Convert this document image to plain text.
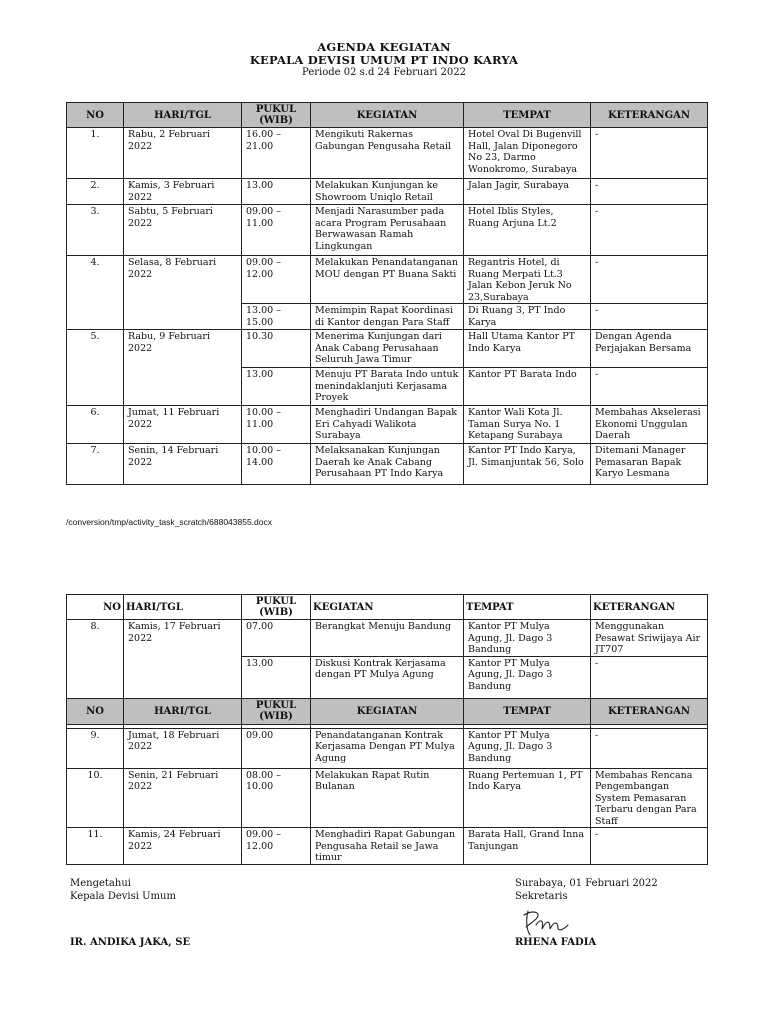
AGENDA KEGIATAN
KEPALA DEVISI UMUM PT INDO KARYA
Periode 02 s.d 24 Februari 2022
NO	HARI/TGL	PUKUL (WIB)	KEGIATAN	TEMPAT	KETERANGAN
1.	Rabu, 2 Februari 2022	16.00 – 21.00	Mengikuti Rakernas Gabungan Pengusaha Retail	Hotel Oval Di Bugenvill Hall, Jalan Diponegoro No 23, Darmo Wonokromo, Surabaya	-
2.	Kamis, 3 Februari 2022	13.00	Melakukan Kunjungan ke Showroom Uniqlo Retail	Jalan Jagir, Surabaya	-
3.	Sabtu, 5 Februari 2022	09.00 – 11.00	Menjadi Narasumber pada acara Program Perusahaan Berwawasan Ramah Lingkungan	Hotel Iblis Styles, Ruang Arjuna Lt.2	-
4.	Selasa, 8 Februari 2022	09.00 – 12.00	Melakukan Penandatanganan MOU dengan PT Buana Sakti	Regantris Hotel, di Ruang Merpati Lt.3 Jalan Kebon Jeruk No 23,Surabaya	-
		13.00 – 15.00	Memimpin Rapat Koordinasi di Kantor dengan Para Staff	Di Ruang 3, PT Indo Karya	-
5.	Rabu, 9 Februari 2022	10.30	Menerima Kunjungan dari Anak Cabang Perusahaan Seluruh Jawa Timur	Hall Utama Kantor PT Indo Karya	Dengan Agenda Perjajakan Bersama
		13.00	Menuju PT Barata Indo untuk menindaklanjuti Kerjasama Proyek	Kantor PT Barata Indo	-
6.	Jumat, 11 Februari 2022	10.00 – 11.00	Menghadiri Undangan Bapak Eri Cahyadi Walikota Surabaya	Kantor Wali Kota Jl. Taman Surya No. 1 Ketapang Surabaya	Membahas Akselerasi Ekonomi Unggulan Daerah
7.	Senin, 14 Februari 2022	10.00 – 14.00	Melaksanakan Kunjungan Daerah ke Anak Cabang Perusahaan PT Indo Karya	Kantor PT Indo Karya, Jl. Simanjuntak 56, Solo	Ditemani Manager Pemasaran Bapak Karyo Lesmana
/conversion/tmp/activity_task_scratch/688043855.docx
NO	HARI/TGL	PUKUL (WIB)	KEGIATAN	TEMPAT	KETERANGAN
8.	Kamis, 17 Februari 2022	07.00	Berangkat Menuju Bandung	Kantor PT Mulya Agung, Jl. Dago 3 Bandung	Menggunakan Pesawat Sriwijaya Air JT707
		13.00	Diskusi Kontrak Kerjasama dengan PT Mulya Agung	Kantor PT Mulya Agung, Jl. Dago 3 Bandung	-
NO	HARI/TGL	PUKUL (WIB)	KEGIATAN	TEMPAT	KETERANGAN

9.	Jumat, 18 Februari 2022	09.00	Penandatanganan Kontrak Kerjasama Dengan PT Mulya Agung	Kantor PT Mulya Agung, Jl. Dago 3 Bandung	-
10.	Senin, 21 Februari 2022	08.00 – 10.00	Melakukan Rapat Rutin Bulanan	Ruang Pertemuan 1, PT Indo Karya	Membahas Rencana Pengembangan System Pemasaran Terbaru dengan Para Staff
11.	Kamis, 24 Februari 2022	09.00 – 12.00	Menghadiri Rapat Gabungan Pengusaha Retail se Jawa timur	Barata Hall, Grand Inna Tanjungan	-
Mengetahui
Kepala Devisi Umum
IR. ANDIKA JAKA, SE
Surabaya, 01 Februari 2022
Sekretaris
RHENA FADIA
